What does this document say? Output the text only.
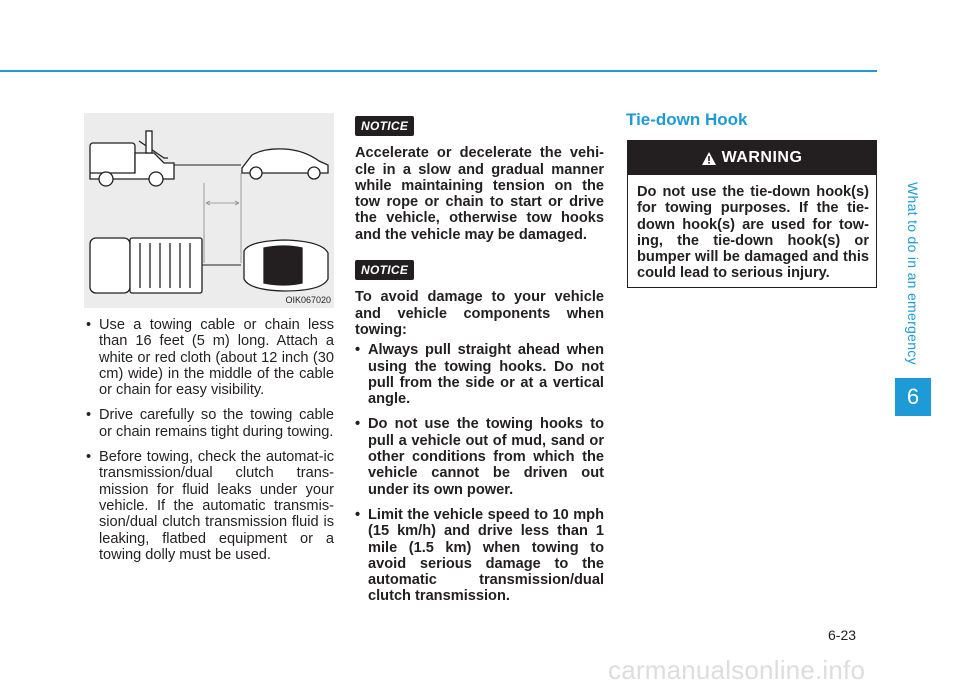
What to do in an emergency
6
OIK067020
• Use a towing cable or chain less than 16 feet (5 m) long. Attach a white or red cloth (about 12 inch (30 cm) wide) in the middle of the cable or chain for easy visibility.
• Drive carefully so the towing cable or chain remains tight during towing.
• Before towing, check the automat-ic transmission/dual clutch trans-mission for fluid leaks under your vehicle. If the automatic transmis-sion/dual clutch transmission fluid is leaking, flatbed equipment or a towing dolly must be used.
NOTICE

Accelerate or decelerate the vehi-cle in a slow and gradual manner while maintaining tension on the tow rope or chain to start or drive the vehicle, otherwise tow hooks and the vehicle may be damaged.

NOTICE

To avoid damage to your vehicle and vehicle components when towing:

• Always pull straight ahead when using the towing hooks. Do not pull from the side or at a vertical angle.
• Do not use the towing hooks to pull a vehicle out of mud, sand or other conditions from which the vehicle cannot be driven out under its own power.
• Limit the vehicle speed to 10 mph (15 km/h) and drive less than 1 mile (1.5 km) when towing to avoid serious damage to the automatic transmission/dual clutch transmission.
Tie-down Hook
WARNING
Do not use the tie-down hook(s) for towing purposes. If the tie-down hook(s) are used for tow-ing, the tie-down hook(s) or bumper will be damaged and this could lead to serious injury.
6-23
carmanualsonline.info
